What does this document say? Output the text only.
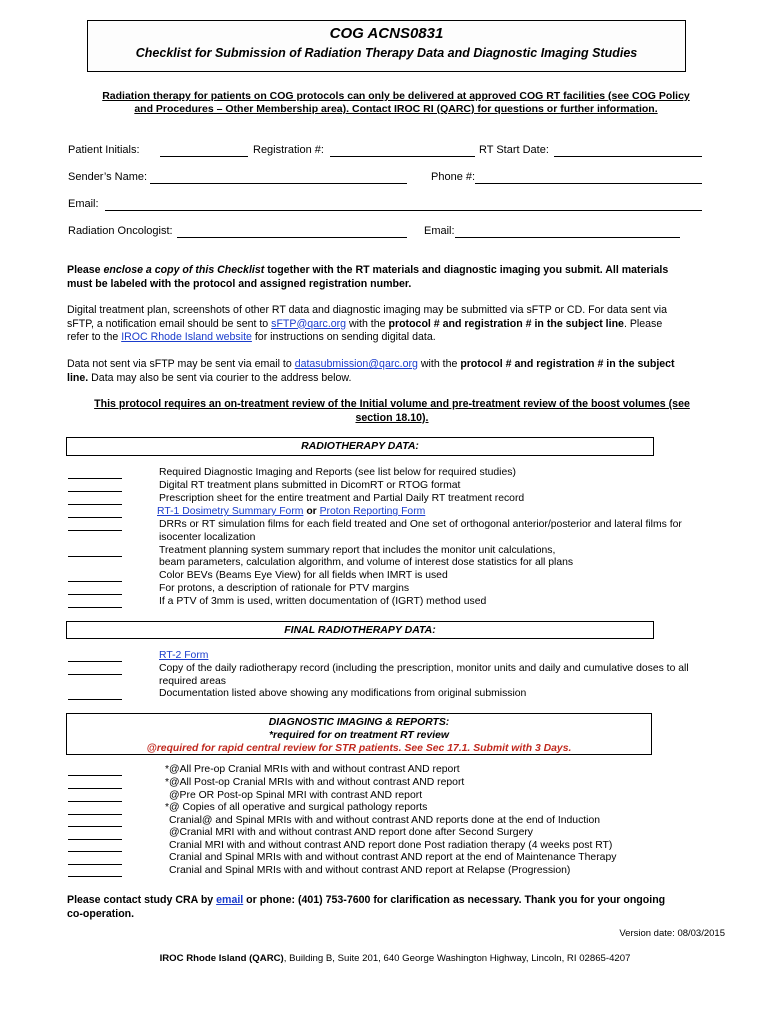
COG ACNS0831
Checklist for Submission of Radiation Therapy Data and Diagnostic Imaging Studies
Radiation therapy for patients on COG protocols can only be delivered at approved COG RT facilities (see COG Policy
and Procedures – Other Membership area). Contact IROC RI (QARC) for questions or further information.
Patient Initials:	Registration #:	RT Start Date:
Sender’s Name:	Phone #:
Email:
Radiation Oncologist:	Email:
Please enclose a copy of this Checklist together with the RT materials and diagnostic imaging you submit. All materials
must be labeled with the protocol and assigned registration number.
Digital treatment plan, screenshots of other RT data and diagnostic imaging may be submitted via sFTP or CD. For data sent via
sFTP, a notification email should be sent to sFTP@qarc.org with the protocol # and registration # in the subject line. Please
refer to the IROC Rhode Island website for instructions on sending digital data.
Data not sent via sFTP may be sent via email to datasubmission@qarc.org with the protocol # and registration # in the subject
line. Data may also be sent via courier to the address below.
This protocol requires an on-treatment review of the Initial volume and pre-treatment review of the boost volumes (see
section 18.10).
RADIOTHERAPY DATA:
Required Diagnostic Imaging and Reports (see list below for required studies)
Digital RT treatment plans submitted in DicomRT or RTOG format
Prescription sheet for the entire treatment and Partial Daily RT treatment record
RT-1 Dosimetry Summary Form or Proton Reporting Form
DRRs or RT simulation films for each field treated and One set of orthogonal anterior/posterior and lateral films for
isocenter localization
Treatment planning system summary report that includes the monitor unit calculations,
beam parameters, calculation algorithm, and volume of interest dose statistics for all plans
Color BEVs (Beams Eye View) for all fields when IMRT is used
For protons, a description of rationale for PTV margins
If a PTV of 3mm is used, written documentation of (IGRT) method used
FINAL RADIOTHERAPY DATA:
RT-2 Form
Copy of the daily radiotherapy record (including the prescription, monitor units and daily and cumulative doses to all
required areas
Documentation listed above showing any modifications from original submission
DIAGNOSTIC IMAGING & REPORTS:
*required for on treatment RT review
@required for rapid central review for STR patients. See Sec 17.1. Submit with 3 Days.
*@All Pre-op Cranial MRIs with and without contrast AND report
*@All Post-op Cranial MRIs with and without contrast AND report
@Pre OR Post-op Spinal MRI with contrast AND report
*@ Copies of all operative and surgical pathology reports
Cranial@ and Spinal MRIs with and without contrast AND reports done at the end of Induction
@Cranial MRI with and without contrast AND report done after Second Surgery
Cranial MRI with and without contrast AND report done Post radiation therapy (4 weeks post RT)
Cranial and Spinal MRIs with and without contrast AND report at the end of Maintenance Therapy
Cranial and Spinal MRIs with and without contrast AND report at Relapse (Progression)
Please contact study CRA by email or phone: (401) 753-7600 for clarification as necessary. Thank you for your ongoing
co-operation.
Version date: 08/03/2015
IROC Rhode Island (QARC), Building B, Suite 201, 640 George Washington Highway, Lincoln, RI 02865-4207
